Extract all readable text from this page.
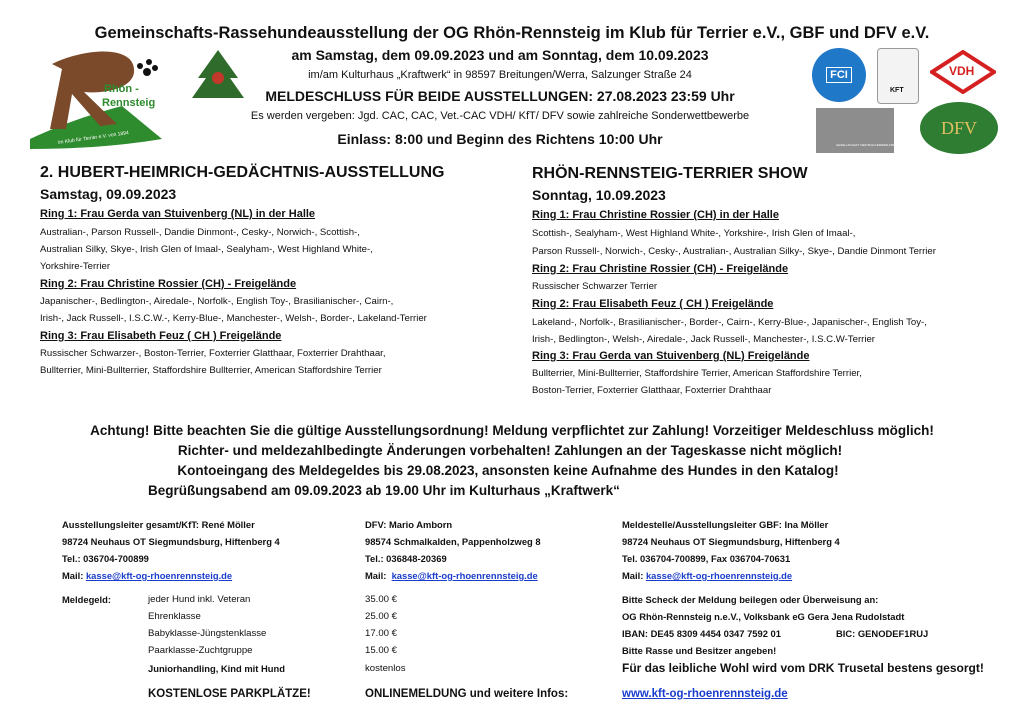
Gemeinschafts-Rassehundeausstellung der OG Rhön-Rennsteig im Klub für Terrier e.V., GBF und DFV e.V.
am Samstag, dem 09.09.2023 und am Sonntag, dem 10.09.2023
im/am Kulturhaus „Kraftwerk“ in 98597 Breitungen/Werra, Salzunger Straße 24
MELDESCHLUSS FÜR BEIDE AUSSTELLUNGEN: 27.08.2023 23:59 Uhr
Es werden vergeben: Jgd. CAC, CAC, Vet.-CAC VDH/ KfT/ DFV sowie zahlreiche Sonderwettbewerbe
Einlass: 8:00 und Beginn des Richtens 10:00 Uhr
Rhön -
Rennsteig
im Klub für Terrier e.V. von 1894
FCI
KFT
VDH
GESELLSCHAFT DER BULLTERRIER-FREUNDE E.V.
DFV
2. HUBERT-HEIMRICH-GEDÄCHTNIS-AUSSTELLUNG
Samstag, 09.09.2023
Ring 1: Frau Gerda van Stuivenberg (NL) in der Halle
Australian-, Parson Russell-, Dandie Dinmont-, Cesky-, Norwich-, Scottish-,
Australian Silky, Skye-, Irish Glen of Imaal-, Sealyham-, West Highland White-,
Yorkshire-Terrier
Ring 2: Frau Christine Rossier (CH) - Freigelände
Japanischer-, Bedlington-, Airedale-, Norfolk-, English Toy-, Brasilianischer-, Cairn-,
Irish-, Jack Russell-, I.S.C.W.-, Kerry-Blue-, Manchester-, Welsh-, Border-, Lakeland-Terrier
Ring 3: Frau Elisabeth Feuz ( CH ) Freigelände
Russischer Schwarzer-, Boston-Terrier, Foxterrier Glatthaar, Foxterrier Drahthaar,
Bullterrier, Mini-Bullterrier, Staffordshire Bullterrier, American Staffordshire Terrier
RHÖN-RENNSTEIG-TERRIER SHOW
Sonntag, 10.09.2023
Ring 1: Frau Christine Rossier (CH) in der Halle
Scottish-, Sealyham-, West Highland White-, Yorkshire-, Irish Glen of Imaal-,
Parson Russell-, Norwich-, Cesky-, Australian-, Australian Silky-, Skye-, Dandie Dinmont Terrier
Ring 2: Frau Christine Rossier (CH) - Freigelände
Russischer Schwarzer Terrier
Ring 2: Frau Elisabeth Feuz ( CH ) Freigelände
Lakeland-, Norfolk-, Brasilianischer-, Border-, Cairn-, Kerry-Blue-, Japanischer-, English Toy-,
Irish-, Bedlington-, Welsh-, Airedale-, Jack Russell-, Manchester-, I.S.C.W-Terrier
Ring 3: Frau Gerda van Stuivenberg (NL) Freigelände
Bullterrier, Mini-Bullterrier, Staffordshire Terrier, American Staffordshire Terrier,
Boston-Terrier, Foxterrier Glatthaar, Foxterrier Drahthaar
Achtung! Bitte beachten Sie die gültige Ausstellungsordnung! Meldung verpflichtet zur Zahlung! Vorzeitiger Meldeschluss möglich!
Richter- und meldezahlbedingte Änderungen vorbehalten! Zahlungen an der Tageskasse nicht möglich!
Kontoeingang des Meldegeldes bis 29.08.2023, ansonsten keine Aufnahme des Hundes in den Katalog!
Begrüßungsabend am 09.09.2023 ab 19.00 Uhr im Kulturhaus „Kraftwerk“
Ausstellungsleiter gesamt/KfT: René Möller
98724 Neuhaus OT Siegmundsburg, Hiftenberg 4
Tel.: 036704-700899
Mail: kasse@kft-og-rhoenrennsteig.de
DFV: Mario Amborn
98574 Schmalkalden, Pappenholzweg 8
Tel.: 036848-20369
Mail: kasse@kft-og-rhoenrennsteig.de
Meldestelle/Ausstellungsleiter GBF: Ina Möller
98724 Neuhaus OT Siegmundsburg, Hiftenberg 4
Tel. 036704-700899, Fax 036704-70631
Mail: kasse@kft-og-rhoenrennsteig.de
Meldegeld:	jeder Hund inkl. Veteran	35.00 €
Ehrenklasse	25.00 €
Babyklasse-Jüngstenklasse	17.00 €
Paarklasse-Zuchtgruppe	15.00 €
Juniorhandling, Kind mit Hund	kostenlos
Bitte Scheck der Meldung beilegen oder Überweisung an:
OG Rhön-Rennsteig n.e.V., Volksbank eG Gera Jena Rudolstadt
IBAN: DE45 8309 4454 0347 7592 01	BIC: GENODEF1RUJ
Bitte Rasse und Besitzer angeben!
Für das leibliche Wohl wird vom DRK Trusetal bestens gesorgt!
KOSTENLOSE PARKPLÄTZE!	ONLINEMELDUNG und weitere Infos:	www.kft-og-rhoenrennsteig.de
